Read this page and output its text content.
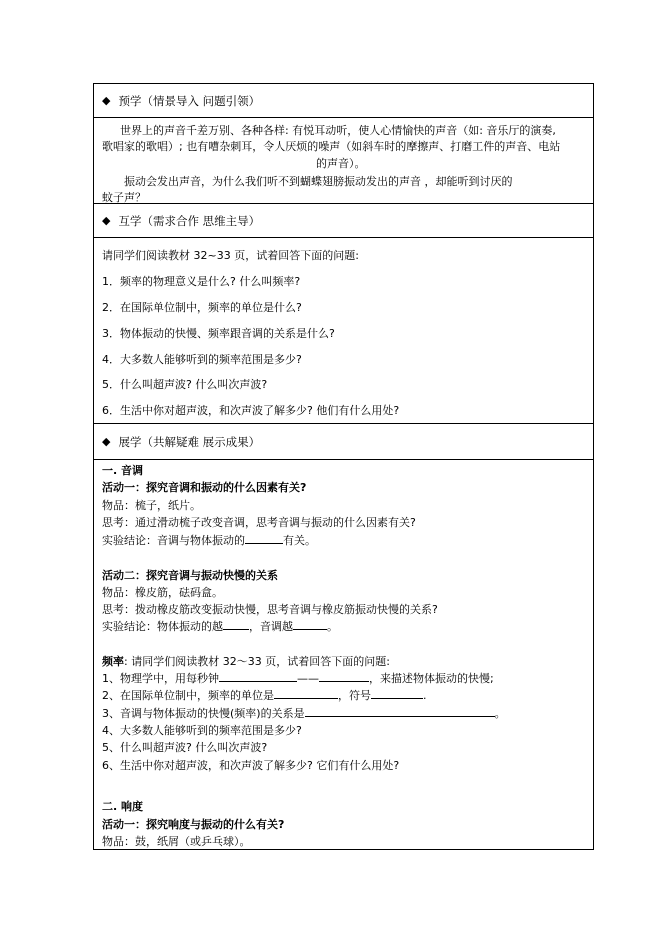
◆ 预学（情景导入 问题引领）
世界上的声音千差万别、各种各样: 有悦耳动听，使人心情愉快的声音（如: 音乐厅的演奏,
歌唱家的歌唱）; 也有嘈杂刺耳，令人厌烦的噪声（如斜车时的摩擦声、打磨工件的声音、电站
的声音）。
振动会发出声音，为什么我们听不到蝴蝶翅膀振动发出的声音 ，却能听到讨厌的
蚊子声？
◆ 互学（需求合作 思维主导）
请同学们阅读教材 32~33 页，试着回答下面的问题:
1．频率的物理意义是什么? 什么叫频率?
2．在国际单位制中，频率的单位是什么?
3．物体振动的快慢、频率跟音调的关系是什么?
4．大多数人能够听到的频率范围是多少?
5．什么叫超声波? 什么叫次声波?
6．生活中你对超声波，和次声波了解多少? 他们有什么用处?
◆ 展学（共解疑难 展示成果）
一. 音调
活动一：探究音调和振动的什么因素有关?
物品：梳子，纸片。
思考：通过滑动梳子改变音调，思考音调与振动的什么因素有关?
实验结论：音调与物体振动的	有关。
活动二：探究音调与振动快慢的关系
物品：橡皮筋，砝码盒。
思考：拨动橡皮筋改变振动快慢，思考音调与橡皮筋振动快慢的关系?
实验结论：物体振动的越 ，音调越	。
频率: 请同学们阅读教材 32～33 页，试着回答下面的问题:
1、物理学中，用每秒钟	——	，来描述物体振动的快慢;
2、在国际单位制中，频率的单位是	，符号	.
3、音调与物体振动的快慢(频率)的关系是	。
4、大多数人能够听到的频率范围是多少?
5、什么叫超声波? 什么叫次声波?
6、生活中你对超声波，和次声波了解多少? 它们有什么用处?
二. 响度
活动一：探究响度与振动的什么有关?
物品：鼓，纸屑（或乒乓球）。
